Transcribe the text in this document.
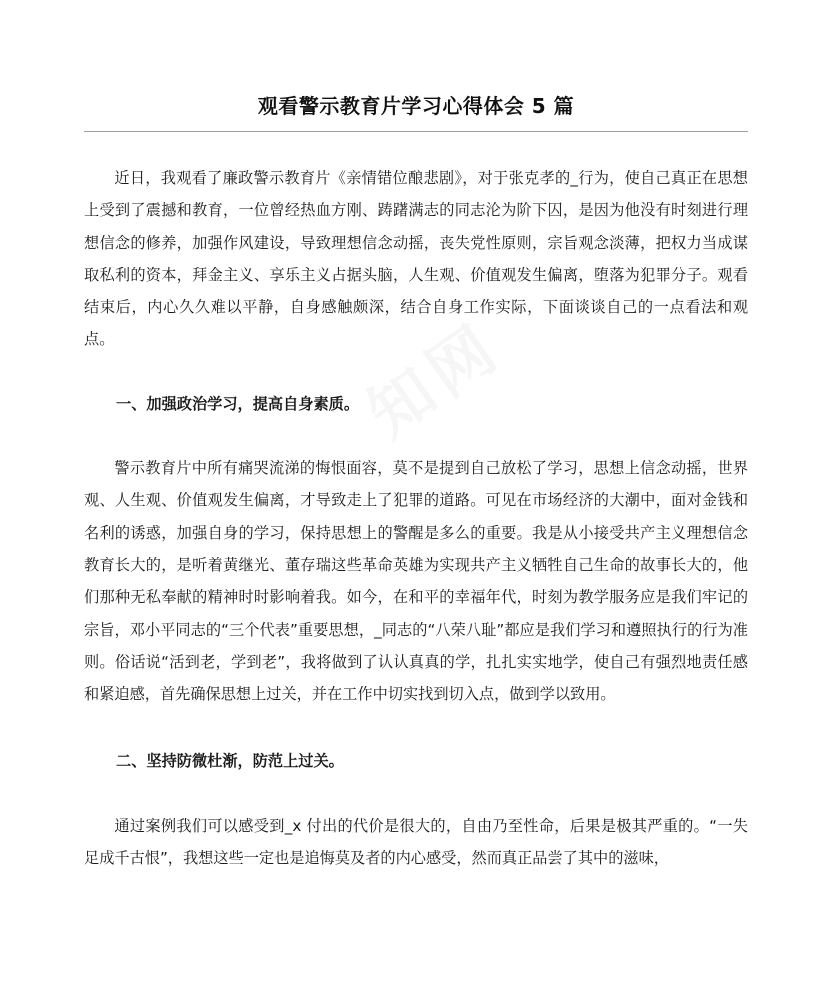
观看警示教育片学习心得体会 5 篇

近日，我观看了廉政警示教育片《亲情错位酿悲剧》，对于张克孝的_行为，使自己真正在思想上受到了震撼和教育，一位曾经热血方刚、踌躇满志的同志沦为阶下囚，是因为他没有时刻进行理想信念的修养，加强作风建设，导致理想信念动摇，丧失党性原则，宗旨观念淡薄，把权力当成谋取私利的资本，拜金主义、享乐主义占据头脑，人生观、价值观发生偏离，堕落为犯罪分子。观看结束后，内心久久难以平静，自身感触颇深，结合自身工作实际，下面谈谈自己的一点看法和观点。

一、加强政治学习，提高自身素质。

警示教育片中所有痛哭流涕的悔恨面容，莫不是提到自己放松了学习，思想上信念动摇，世界观、人生观、价值观发生偏离，才导致走上了犯罪的道路。可见在市场经济的大潮中，面对金钱和名利的诱惑，加强自身的学习，保持思想上的警醒是多么的重要。我是从小接受共产主义理想信念教育长大的，是听着黄继光、董存瑞这些革命英雄为实现共产主义牺牲自己生命的故事长大的，他们那种无私奉献的精神时时影响着我。如今，在和平的幸福年代，时刻为教学服务应是我们牢记的宗旨，邓小平同志的“三个代表”重要思想，_同志的“八荣八耻”都应是我们学习和遵照执行的行为准则。俗话说“活到老，学到老”，我将做到了认认真真的学，扎扎实实地学，使自己有强烈地责任感和紧迫感，首先确保思想上过关，并在工作中切实找到切入点，做到学以致用。

二、坚持防微杜渐，防范上过关。

通过案例我们可以感受到_x 付出的代价是很大的，自由乃至性命，后果是极其严重的。“一失足成千古恨”，我想这些一定也是追悔莫及者的内心感受，然而真正品尝了其中的滋味，
